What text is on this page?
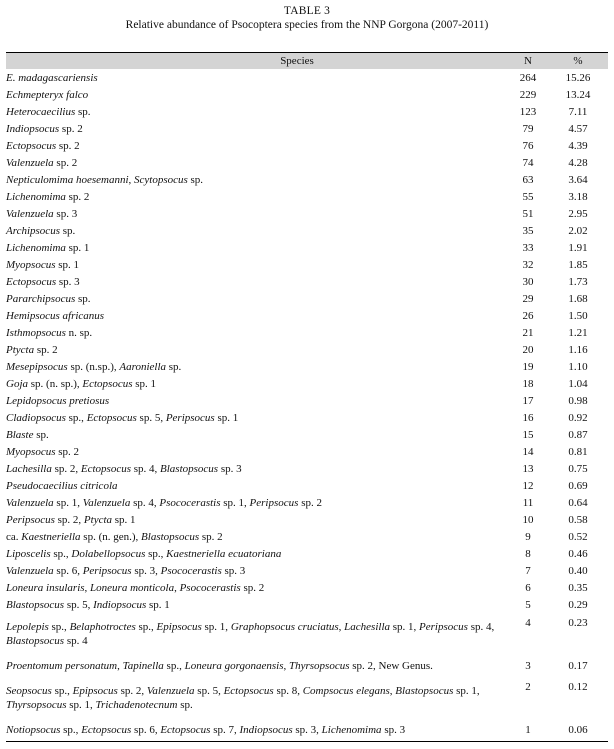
TABLE 3
Relative abundance of Psocoptera species from the NNP Gorgona (2007-2011)
Species	N	%
E. madagascariensis	264	15.26
Echmepteryx falco	229	13.24
Heterocaecilius sp.	123	7.11
Indiopsocus sp. 2	79	4.57
Ectopsocus sp. 2	76	4.39
Valenzuela sp. 2	74	4.28
Nepticulomima hoesemanni, Scytopsocus sp.	63	3.64
Lichenomima sp. 2	55	3.18
Valenzuela sp. 3	51	2.95
Archipsocus sp.	35	2.02
Lichenomima sp. 1	33	1.91
Myopsocus sp. 1	32	1.85
Ectopsocus sp. 3	30	1.73
Pararchipsocus sp.	29	1.68
Hemipsocus africanus	26	1.50
Isthmopsocus n. sp.	21	1.21
Ptycta sp. 2	20	1.16
Mesepipsocus sp. (n.sp.), Aaroniella sp.	19	1.10
Goja sp. (n. sp.), Ectopsocus sp. 1	18	1.04
Lepidopsocus pretiosus	17	0.98
Cladiopsocus sp., Ectopsocus sp. 5, Peripsocus sp. 1	16	0.92
Blaste sp.	15	0.87
Myopsocus sp. 2	14	0.81
Lachesilla sp. 2, Ectopsocus sp. 4, Blastopsocus sp. 3	13	0.75
Pseudocaecilius citricola	12	0.69
Valenzuela sp. 1, Valenzuela sp. 4, Psococerastis sp. 1, Peripsocus sp. 2	11	0.64
Peripsocus sp. 2, Ptycta sp. 1	10	0.58
ca. Kaestneriella sp. (n. gen.), Blastopsocus sp. 2	9	0.52
Liposcelis sp., Dolabellopsocus sp., Kaestneriella ecuatoriana	8	0.46
Valenzuela sp. 6, Peripsocus sp. 3, Psococerastis sp. 3	7	0.40
Loneura insularis, Loneura monticola, Psococerastis sp. 2	6	0.35
Blastopsocus sp. 5, Indiopsocus sp. 1	5	0.29
Lepolepis sp., Belaphotroctes sp., Epipsocus sp. 1, Graphopsocus cruciatus, Lachesilla sp. 1, Peripsocus sp. 4, Blastopsocus sp. 4	4	0.23
Proentomum personatum, Tapinella sp., Loneura gorgonaensis, Thyrsopsocus sp. 2, New Genus.	3	0.17
Seopsocus sp., Epipsocus sp. 2, Valenzuela sp. 5, Ectopsocus sp. 8, Compsocus elegans, Blastopsocus sp. 1, Thyrsopsocus sp. 1, Trichadenotecnum sp.	2	0.12
Notiopsocus sp., Ectopsocus sp. 6, Ectopsocus sp. 7, Indiopsocus sp. 3, Lichenomima sp. 3	1	0.06
